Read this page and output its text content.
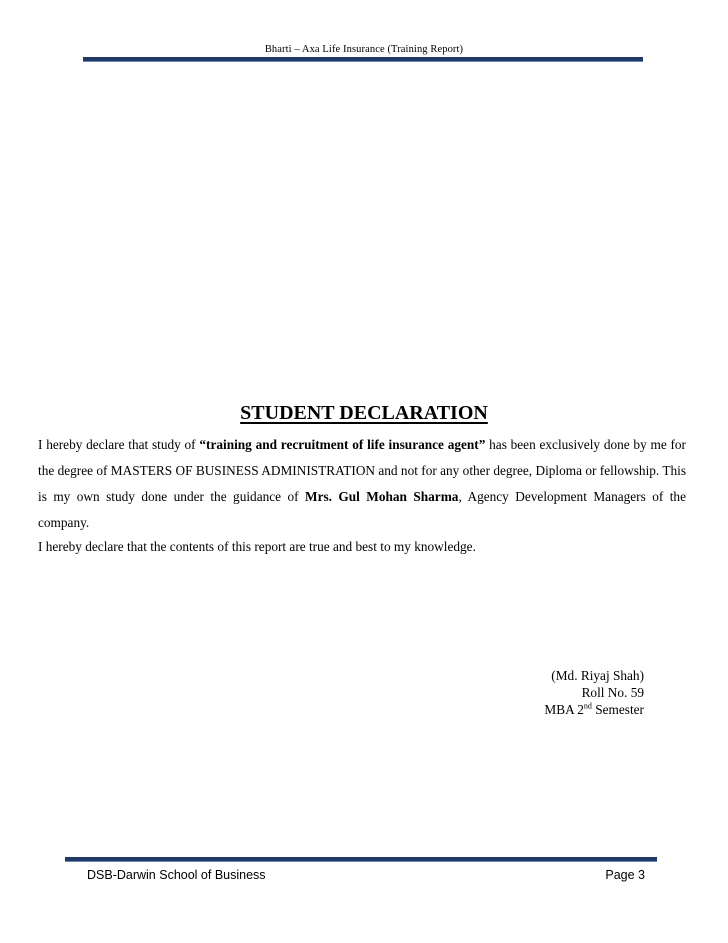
Bharti – Axa Life Insurance (Training Report)
STUDENT DECLARATION

I hereby declare that study of “training and recruitment of life insurance agent” has been exclusively done by me for the degree of MASTERS OF BUSINESS ADMINISTRATION and not for any other degree, Diploma or fellowship. This is my own study done under the guidance of Mrs. Gul Mohan Sharma, Agency Development Managers of the company.

I hereby declare that the contents of this report are true and best to my knowledge.

(Md. Riyaj Shah)
Roll No. 59
MBA 2nd Semester
DSB-Darwin School of Business	Page 3
